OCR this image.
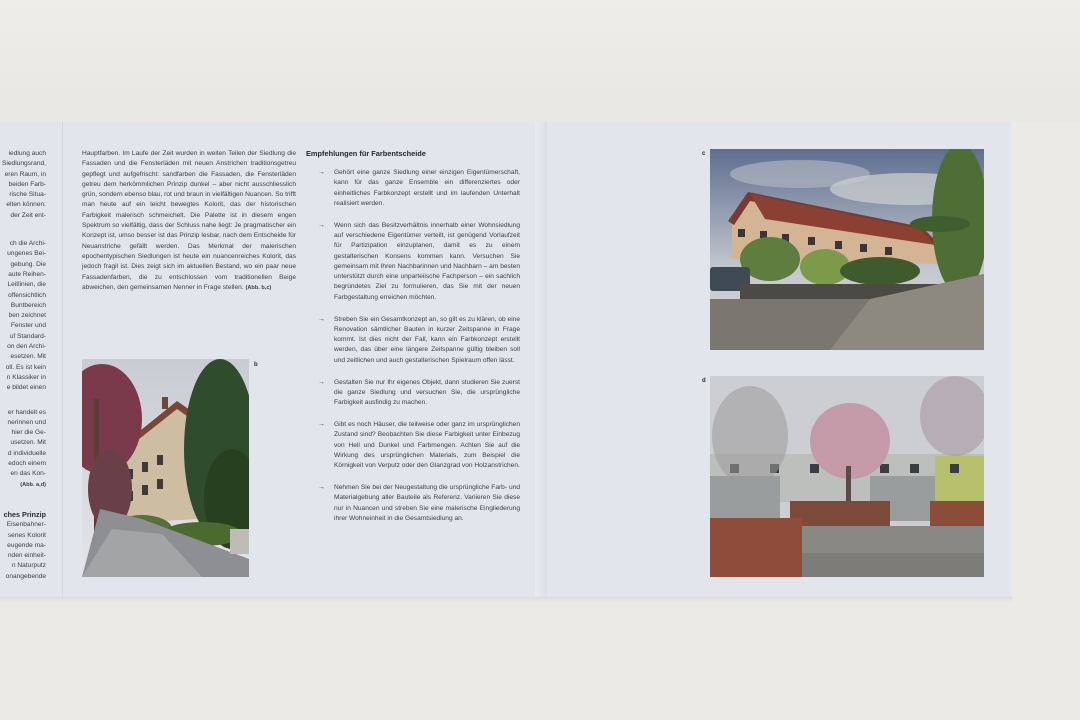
iedlung auch
Siedlungsrand,
eren Raum, in
beiden Farb-
rische Situa-
elten können:
der Zeit ent-
ch die Archi-
ungenes Bei-
gebung. Die
aute Reihen-
Leitlinien, die
offensichtlich
Buntbereich
ben zeichnet
Fenster und
uf Standard-
on den Archi-
esetzen. Mit
oll. Es ist kein
n Klassiker in
e bildet einen
er handelt es
nerinnen und
hier die Ge-
usetzen. Mit
d individuelle
edoch einem
en das Kon-
(Abb. a,d)
ches Prinzip
Eisenbahner-
senes Kolorit
eugende ma-
nden einheit-
n Naturputz
onangebende
Hauptfarben. Im Laufe der Zeit wurden in weiten Teilen der Siedlung die Fassaden und die Fensterläden mit neuen Anstrichen traditionsgetreu gepflegt und aufgefrischt: sandfarben die Fassaden, die Fensterläden getreu dem herkömmlichen Prinzip dunkel – aber nicht ausschliesslich grün, sondern ebenso blau, rot und braun in vielfältigen Nuancen. So trifft man heute auf ein leicht bewegtes Kolorit, das der historischen Farbigkeit malerisch schmeichelt. Die Palette ist in diesem engen Spektrum so vielfältig, dass der Schluss nahe liegt: Je pragmatischer ein Konzept ist, umso besser ist das Prinzip lesbar, nach dem Entscheide für Neuanstriche gefällt werden. Das Merkmal der malerischen epochentypischen Siedlungen ist heute ein nuancenreiches Kolorit, das jedoch fragil ist. Dies zeigt sich im aktuellen Bestand, wo ein paar neue Fassadenfarben, die zu entschlossen vom traditionellen Beige abweichen, den gemeinsamen Nenner in Frage stellen. (Abb. b,c)
b
Empfehlungen für Farbentscheide
→ Gehört eine ganze Siedlung einer einzigen Eigentümerschaft, kann für das ganze Ensemble ein differenziertes oder einheitliches Farbkonzept erstellt und im laufenden Unterhalt realisiert werden.
→ Wenn sich das Besitzverhältnis innerhalb einer Wohnsiedlung auf verschiedene Eigentümer verteilt, ist genügend Vorlaufzeit für Partizipation einzuplanen, damit es zu einem gestalterischen Konsens kommen kann. Versuchen Sie gemeinsam mit Ihren Nachbarinnen und Nachbarn – am besten unterstützt durch eine unparteiische Fachperson – ein sachlich begründetes Ziel zu formulieren, das Sie mit der neuen Farbgestaltung erreichen möchten.
→ Streben Sie ein Gesamtkonzept an, so gilt es zu klären, ob eine Renovation sämtlicher Bauten in kurzer Zeitspanne in Frage kommt. Ist dies nicht der Fall, kann ein Farbkonzept erstellt werden, das über eine längere Zeitspanne gültig bleiben soll und zeitlichen und auch gestalterischen Spielraum offen lässt.
→ Gestalten Sie nur Ihr eigenes Objekt, dann studieren Sie zuerst die ganze Siedlung und versuchen Sie, die ursprüngliche Farbigkeit ausfindig zu machen.
→ Gibt es noch Häuser, die teilweise oder ganz im ursprünglichen Zustand sind? Beobachten Sie diese Farbigkeit unter Einbezug von Hell und Dunkel und Farbmengen. Achten Sie auf die Wirkung des ursprünglichen Materials, zum Beispiel die Körnigkeit von Verputz oder den Glanzgrad von Holzanstrichen.
→ Nehmen Sie bei der Neugestaltung die ursprüngliche Farb- und Materialgebung aller Bauteile als Referenz. Variieren Sie diese nur in Nuancen und streben Sie eine malerische Eingliederung ihrer Wohneinheit in die Gesamtsiedlung an.
c
d
